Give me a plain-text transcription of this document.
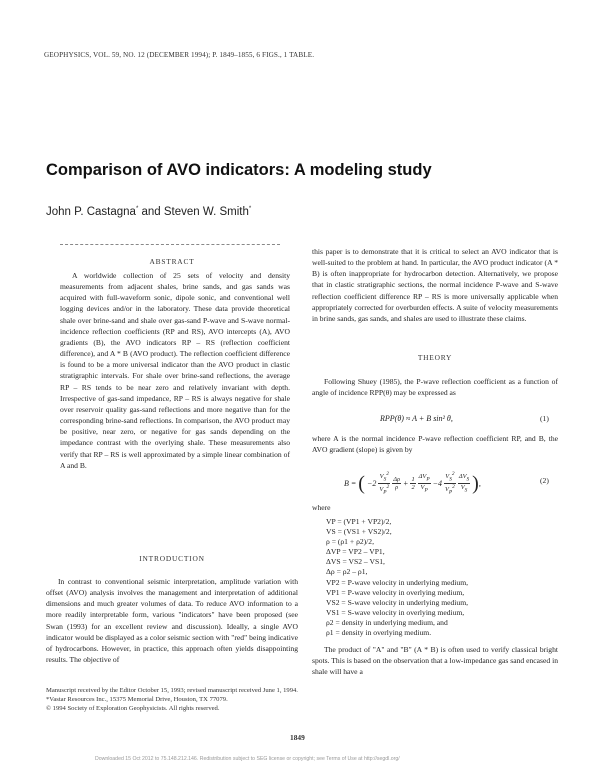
GEOPHYSICS, VOL. 59, NO. 12 (DECEMBER 1994); P. 1849–1855, 6 FIGS., 1 TABLE.
Comparison of AVO indicators: A modeling study
John P. Castagna* and Steven W. Smith*
ABSTRACT
A worldwide collection of 25 sets of velocity and density measurements from adjacent shales, brine sands, and gas sands was acquired with full-waveform sonic, dipole sonic, and conventional well logging devices and/or in the laboratory. These data provide theoretical shale over brine-sand and shale over gas-sand P-wave and S-wave normal-incidence reflection coefficients (RP and RS), AVO intercepts (A), AVO gradients (B), the AVO indicators RP – RS (reflection coefficient difference), and A * B (AVO product). The reflection coefficient difference is found to be a more universal indicator than the AVO product in clastic stratigraphic intervals. For shale over brine-sand reflections, the average RP – RS tends to be near zero and relatively invariant with depth. Irrespective of gas-sand impedance, RP – RS is always negative for shale over reservoir quality gas-sand reflections and more negative than for the corresponding brine-sand reflections. In comparison, the AVO product may be positive, near zero, or negative for gas sands depending on the impedance contrast with the overlying shale. These measurements also verify that RP – RS is well approximated by a simple linear combination of A and B.
INTRODUCTION
In contrast to conventional seismic interpretation, amplitude variation with offset (AVO) analysis involves the management and interpretation of additional dimensions and much greater volumes of data. To reduce AVO information to a more readily interpretable form, various "indicators" have been proposed (see Swan (1993) for an excellent review and discussion). Ideally, a single AVO indicator would be displayed as a color seismic section with "red" being indicative of hydrocarbons. However, in practice, this approach often yields disappointing results. The objective of
this paper is to demonstrate that it is critical to select an AVO indicator that is well-suited to the problem at hand. In particular, the AVO product indicator (A * B) is often inappropriate for hydrocarbon detection. Alternatively, we propose that in clastic stratigraphic sections, the normal incidence P-wave and S-wave reflection coefficient difference RP – RS is more universally applicable when appropriately corrected for overburden effects. A suite of velocity measurements in brine sands, gas sands, and shales are used to illustrate these claims.
THEORY
Following Shuey (1985), the P-wave reflection coefficient as a function of angle of incidence RPP(θ) may be expressed as
RPP(θ) ≈ A + B sin² θ,	(1)
where A is the normal incidence P-wave reflection coefficient RP, and B, the AVO gradient (slope) is given by
B = ( $-2 \frac{V_S^2}{V_P^2}$
$\frac{\Delta\rho}{\rho} + \frac{1}{2}$
$\frac{\Delta V_P}{V_P} -4 \frac{V_S^2}{V_P^2}$
$\frac{\Delta V_S}{V_S}$ ),	(2)
where
VP = (VP1 + VP2)/2,
VS = (VS1 + VS2)/2,
ρ = (ρ1 + ρ2)/2,
ΔVP = VP2 – VP1,
ΔVS = VS2 – VS1,
Δρ = ρ2 – ρ1,
VP2 = P-wave velocity in underlying medium,
VP1 = P-wave velocity in overlying medium,
VS2 = S-wave velocity in underlying medium,
VS1 = S-wave velocity in overlying medium,
ρ2 = density in underlying medium, and
ρ1 = density in overlying medium.
The product of "A" and "B" (A * B) is often used to verify classical bright spots. This is based on the observation that a low-impedance gas sand encased in shale will have a
Manuscript received by the Editor October 15, 1993; revised manuscript received June 1, 1994.
*Vastar Resources Inc., 15375 Memorial Drive, Houston, TX 77079.
© 1994 Society of Exploration Geophysicists. All rights reserved.
1849
Downloaded 15 Oct 2012 to 75.148.212.146. Redistribution subject to SEG license or copyright; see Terms of Use at http://segdl.org/
